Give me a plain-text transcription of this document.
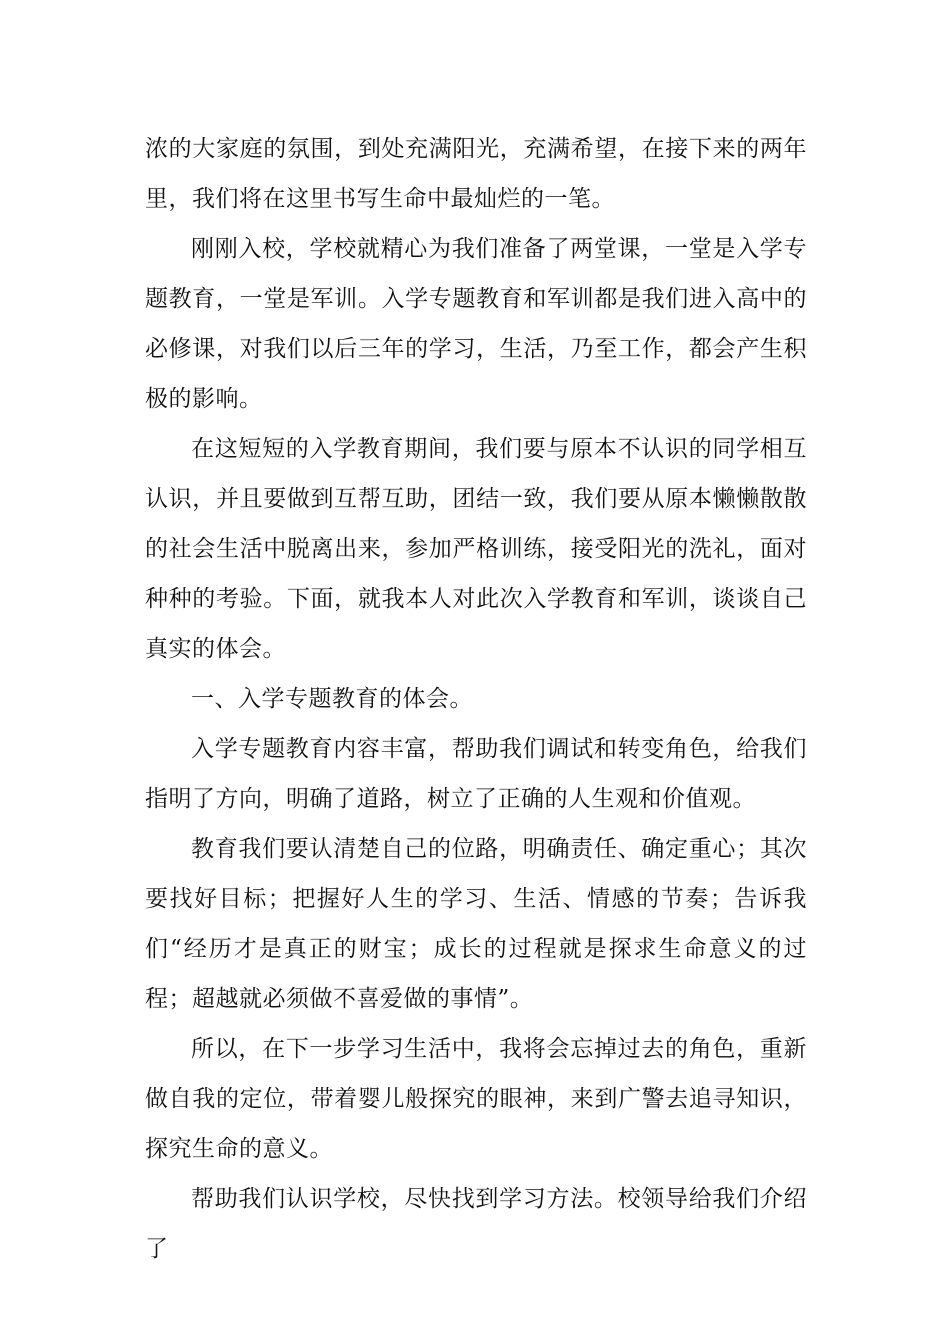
浓的大家庭的氛围，到处充满阳光，充满希望，在接下来的两年里，我们将在这里书写生命中最灿烂的一笔。

刚刚入校，学校就精心为我们准备了两堂课，一堂是入学专题教育，一堂是军训。入学专题教育和军训都是我们进入高中的必修课，对我们以后三年的学习，生活，乃至工作，都会产生积极的影响。

在这短短的入学教育期间，我们要与原本不认识的同学相互认识，并且要做到互帮互助，团结一致，我们要从原本懒懒散散的社会生活中脱离出来，参加严格训练，接受阳光的洗礼，面对种种的考验。下面，就我本人对此次入学教育和军训，谈谈自己真实的体会。

一、入学专题教育的体会。

入学专题教育内容丰富，帮助我们调试和转变角色，给我们指明了方向，明确了道路，树立了正确的人生观和价值观。

教育我们要认清楚自己的位路，明确责任、确定重心；其次要找好目标；把握好人生的学习、生活、情感的节奏；告诉我们“经历才是真正的财宝；成长的过程就是探求生命意义的过程；超越就必须做不喜爱做的事情”。

所以，在下一步学习生活中，我将会忘掉过去的角色，重新做自我的定位，带着婴儿般探究的眼神，来到广警去追寻知识，探究生命的意义。

帮助我们认识学校，尽快找到学习方法。校领导给我们介绍了
